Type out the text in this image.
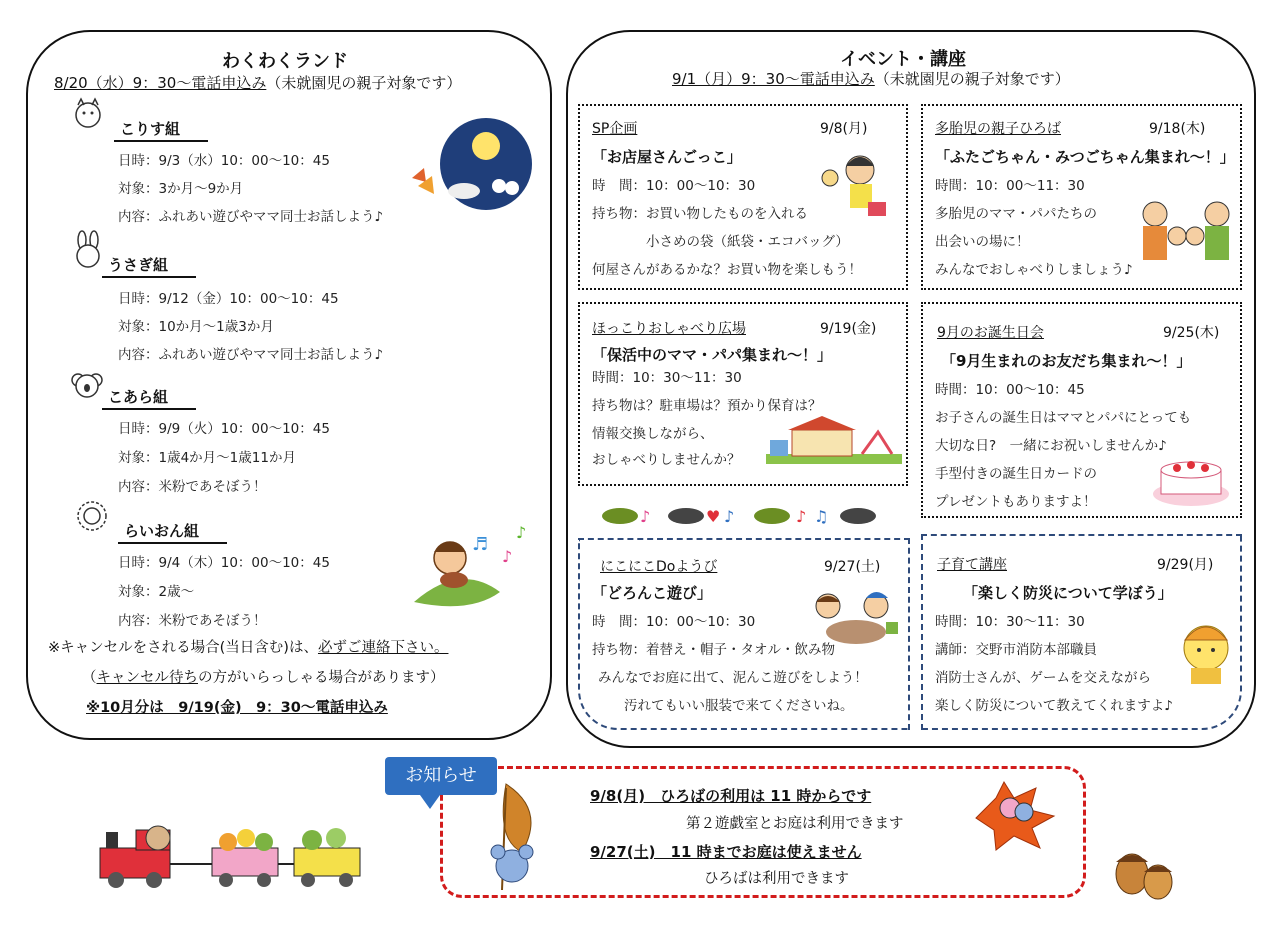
わくわくランド
8/20（水）9：30～電話申込み（未就園児の親子対象です）
こりす組
日時：9/3（水）10：00～10：45
対象：3か月～9か月
内容：ふれあい遊びやママ同士お話しよう♪
うさぎ組
日時：9/12（金）10：00～10：45
対象：10か月～1歳3か月
内容：ふれあい遊びやママ同士お話しよう♪
こあら組
日時：9/9（火）10：00～10：45
対象：1歳4か月～1歳11か月
内容：米粉であそぼう！
らいおん組
日時：9/4（木）10：00～10：45
対象：2歳～
内容：米粉であそぼう！
♬
♪
♪
※キャンセルをされる場合(当日含む)は、必ずご連絡下さい。
（キャンセル待ちの方がいらっしゃる場合があります）
※10月分は　9/19(金)　9：30～電話申込み
イベント・講座
9/1（月）9：30～電話申込み（未就園児の親子対象です）
SP企画	9/8(月)
「お店屋さんごっこ」
時　間：10：00～10：30
持ち物：お買い物したものを入れる
　　　　小さめの袋（紙袋・エコバッグ）
何屋さんがあるかな？お買い物を楽しもう！
多胎児の親子ひろば	9/18(木)
「ふたごちゃん・みつごちゃん集まれ～！」
時間：10：00～11：30
多胎児のママ・パパたちの
出会いの場に！
みんなでおしゃべりしましょう♪
ほっこりおしゃべり広場	9/19(金)
「保活中のママ・パパ集まれ～！」
時間：10：30～11：30
持ち物は？駐車場は？預かり保育は？
情報交換しながら、
おしゃべりしませんか？
9月のお誕生日会	9/25(木)
「9月生まれのお友だち集まれ～！」
時間：10：00～10：45
お子さんの誕生日はママとパパにとっても
大切な日?　一緒にお祝いしませんか♪
手型付きの誕生日カードの
プレゼントもありますよ！
♪	♥ ♪	♪ ♫
にこにこDoようび	9/27(土)
「どろんこ遊び」
時　間：10：00～10：30
持ち物：着替え・帽子・タオル・飲み物
みんなでお庭に出て、泥んこ遊びをしよう！
汚れてもいい服装で来てくださいね。
子育て講座	9/29(月)
「楽しく防災について学ぼう」
時間：10：30～11：30
講師：交野市消防本部職員
消防士さんが、ゲームを交えながら
楽しく防災について教えてくれますよ♪
お知らせ
9/8(月)　ひろばの利用は 11 時からです
第２遊戯室とお庭は利用できます
9/27(土)　11 時までお庭は使えません
ひろばは利用できます
